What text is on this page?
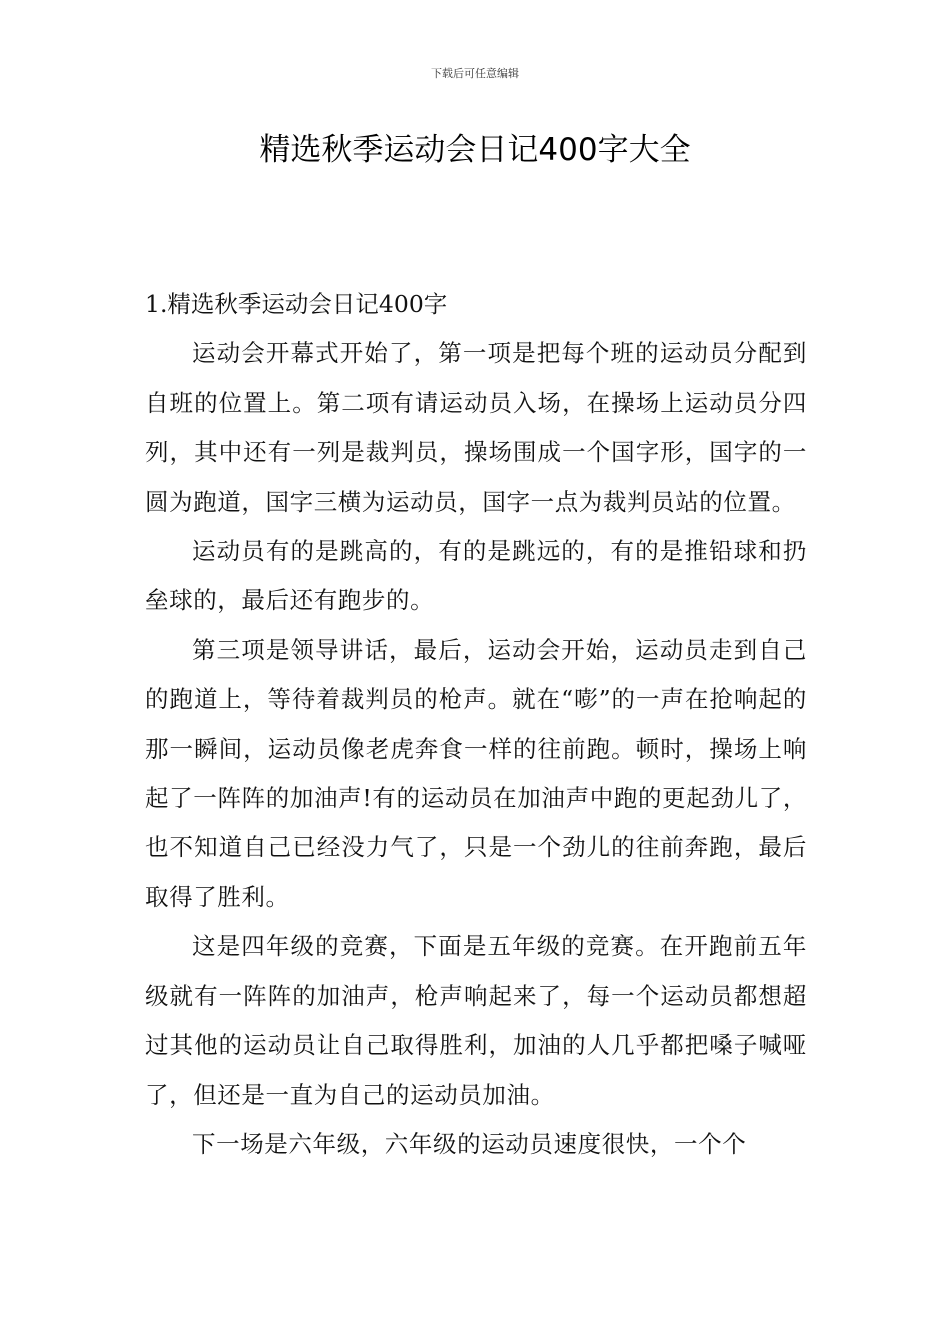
下载后可任意编辑
精选秋季运动会日记400字大全

1.精选秋季运动会日记400字

运动会开幕式开始了，第一项是把每个班的运动员分配到自班的位置上。第二项有请运动员入场，在操场上运动员分四列，其中还有一列是裁判员，操场围成一个国字形，国字的一圆为跑道，国字三横为运动员，国字一点为裁判员站的位置。

运动员有的是跳高的，有的是跳远的，有的是推铅球和扔垒球的，最后还有跑步的。

第三项是领导讲话，最后，运动会开始，运动员走到自己的跑道上，等待着裁判员的枪声。就在“嘭”的一声在抢响起的那一瞬间，运动员像老虎奔食一样的往前跑。顿时，操场上响起了一阵阵的加油声!有的运动员在加油声中跑的更起劲儿了，也不知道自己已经没力气了，只是一个劲儿的往前奔跑，最后取得了胜利。

这是四年级的竞赛，下面是五年级的竞赛。在开跑前五年级就有一阵阵的加油声，枪声响起来了，每一个运动员都想超过其他的运动员让自己取得胜利，加油的人几乎都把嗓子喊哑了，但还是一直为自己的运动员加油。

下一场是六年级，六年级的运动员速度很快，一个个
